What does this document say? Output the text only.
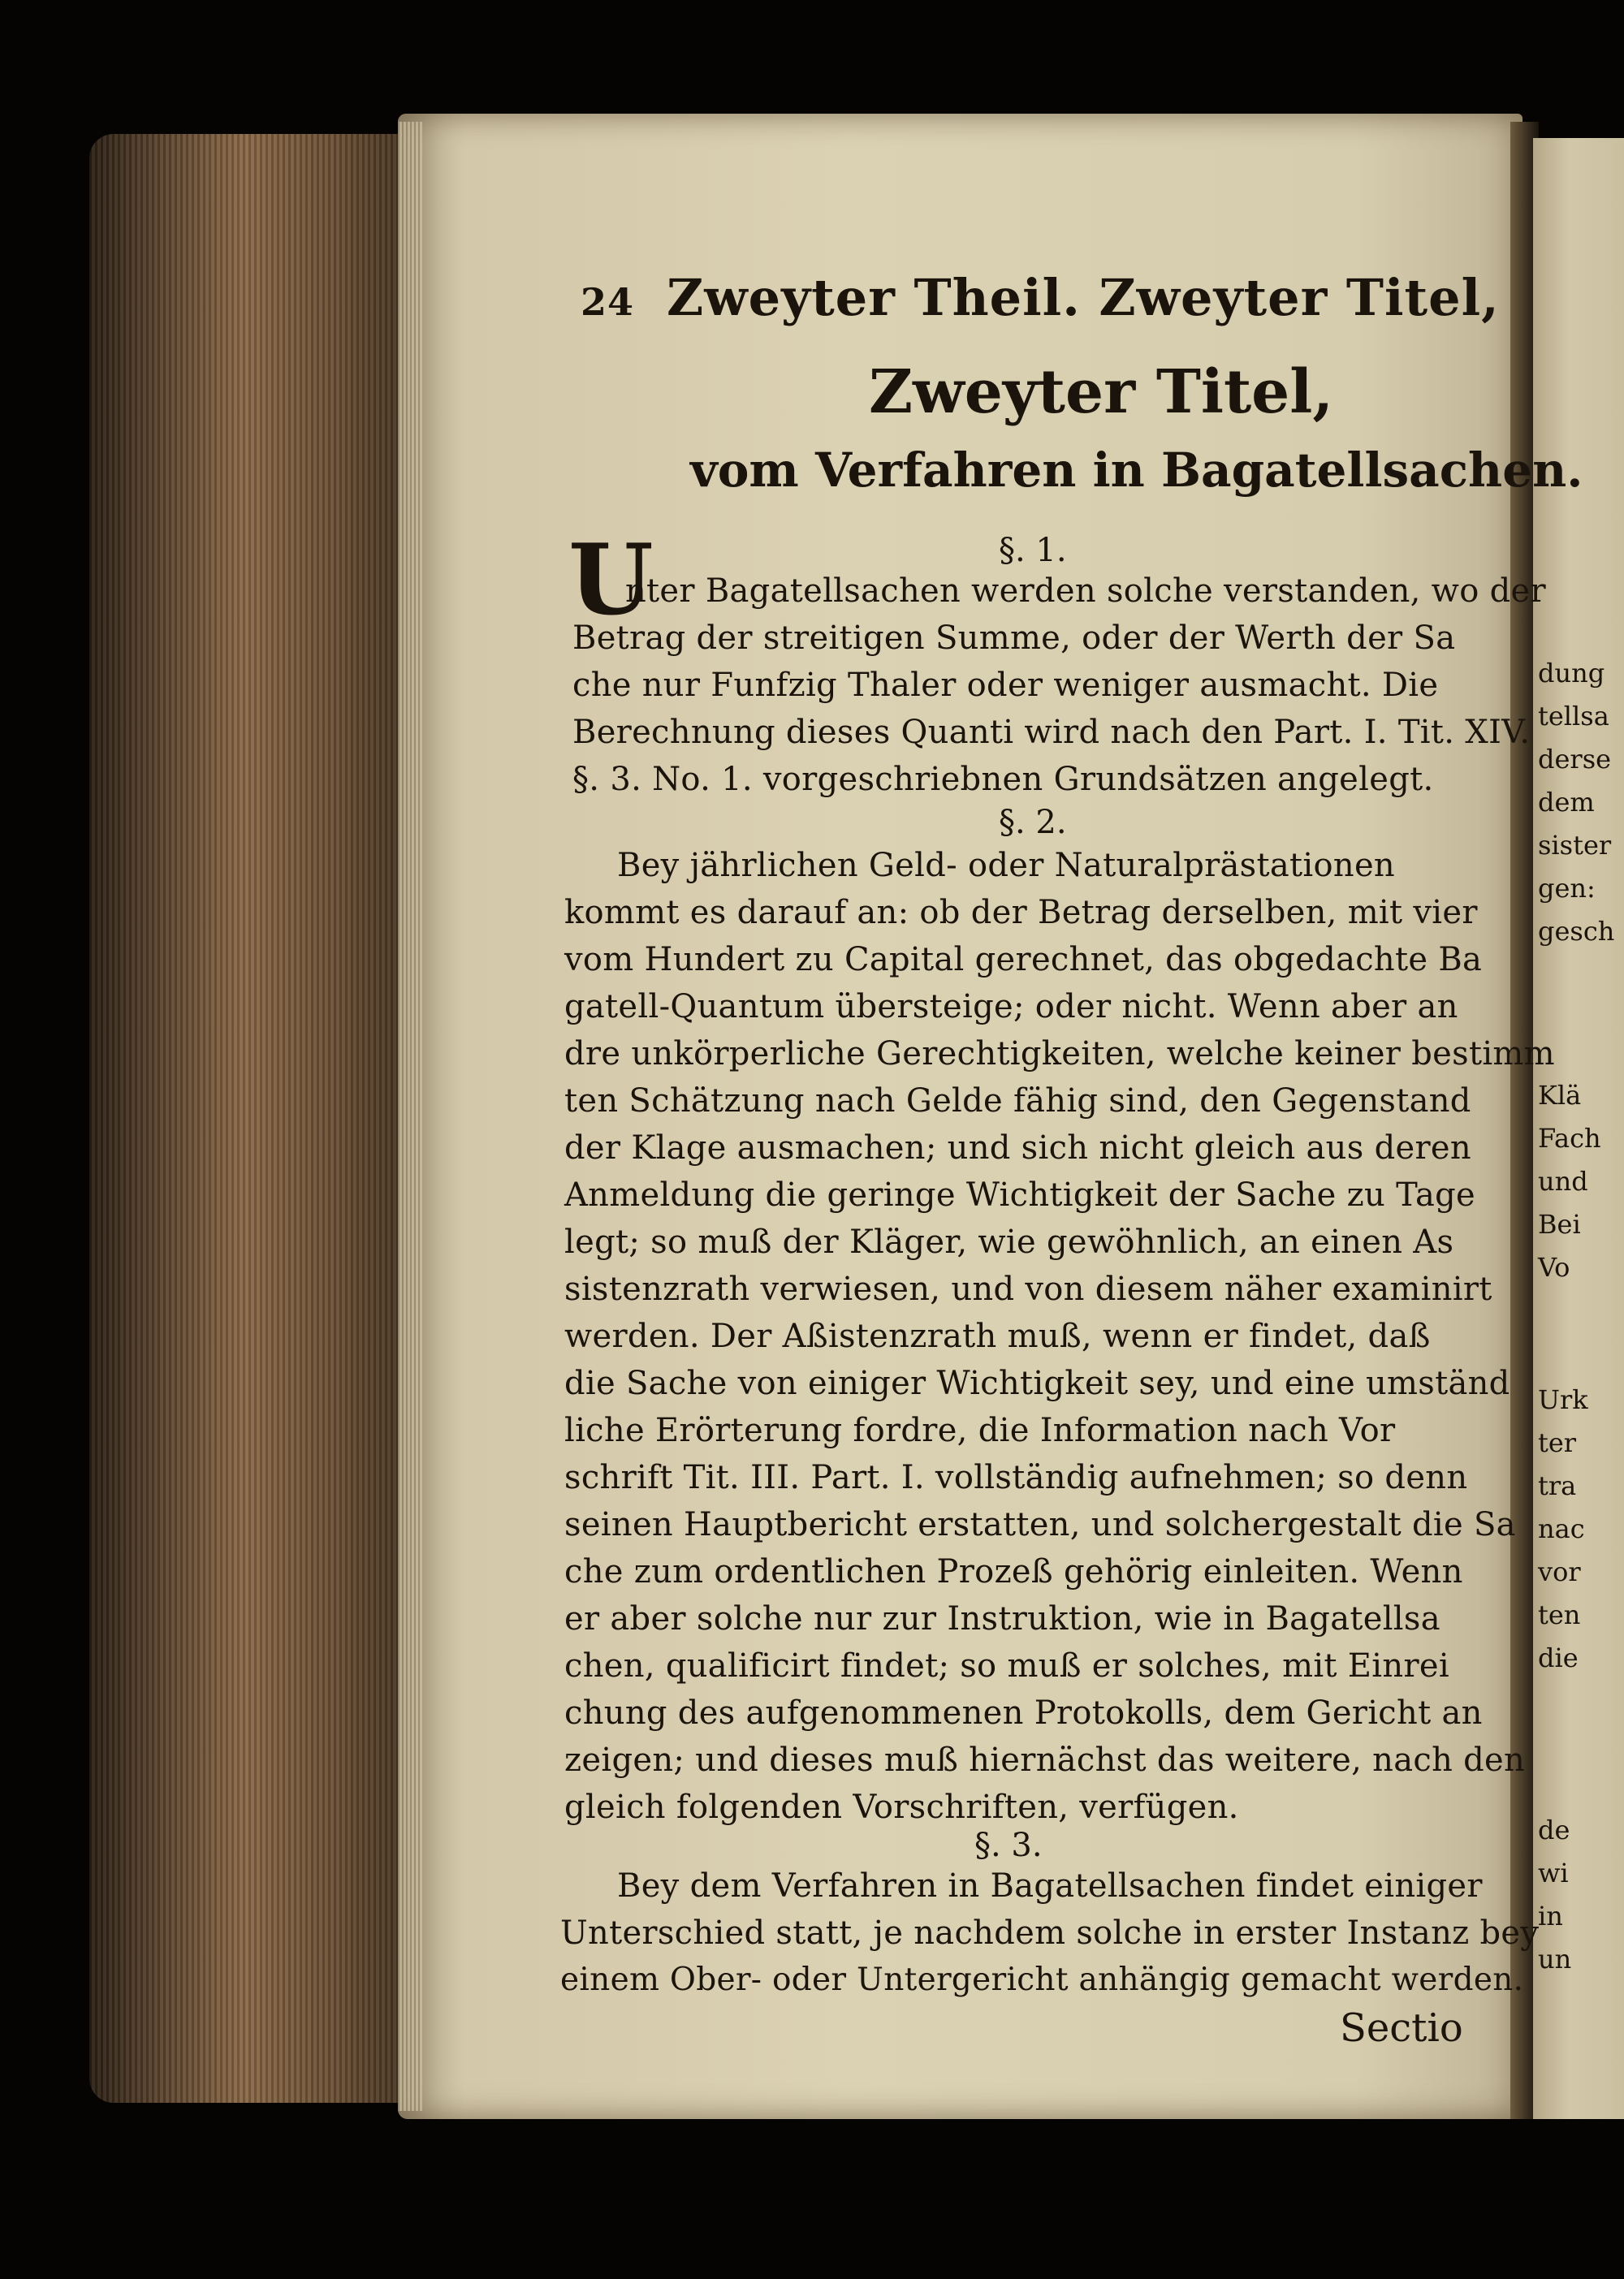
dung
tellsa
derse
dem
sister
gen:
gesch
Klä
Fach
und
Bei
Vo
Urk
ter
tra
nac
vor
ten
die
de
wi
in
un
24 Zweyter Theil. Zweyter Titel,
Zweyter Titel,
vom Verfahren in Bagatellsachen.
§. 1.
U
nter Bagatellsachen werden solche verstanden, wo der
Betrag der streitigen Summe, oder der Werth der Sa
che nur Funfzig Thaler oder weniger ausmacht. Die
Berechnung dieses Quanti wird nach den Part. I. Tit. XIV.
§. 3. No. 1. vorgeschriebnen Grundsätzen angelegt.
§. 2.
Bey jährlichen Geld- oder Naturalprästationen
kommt es darauf an: ob der Betrag derselben, mit vier
vom Hundert zu Capital gerechnet, das obgedachte Ba
gatell-Quantum übersteige; oder nicht. Wenn aber an
dre unkörperliche Gerechtigkeiten, welche keiner bestimm
ten Schätzung nach Gelde fähig sind, den Gegenstand
der Klage ausmachen; und sich nicht gleich aus deren
Anmeldung die geringe Wichtigkeit der Sache zu Tage
legt; so muß der Kläger, wie gewöhnlich, an einen As
sistenzrath verwiesen, und von diesem näher examinirt
werden. Der Aßistenzrath muß, wenn er findet, daß
die Sache von einiger Wichtigkeit sey, und eine umständ
liche Erörterung fordre, die Information nach Vor
schrift Tit. III. Part. I. vollständig aufnehmen; so denn
seinen Hauptbericht erstatten, und solchergestalt die Sa
che zum ordentlichen Prozeß gehörig einleiten. Wenn
er aber solche nur zur Instruktion, wie in Bagatellsa
chen, qualificirt findet; so muß er solches, mit Einrei
chung des aufgenommenen Protokolls, dem Gericht an
zeigen; und dieses muß hiernächst das weitere, nach den
gleich folgenden Vorschriften, verfügen.
§. 3.
Bey dem Verfahren in Bagatellsachen findet einiger
Unterschied statt, je nachdem solche in erster Instanz bey
einem Ober- oder Untergericht anhängig gemacht werden.
Sectio
